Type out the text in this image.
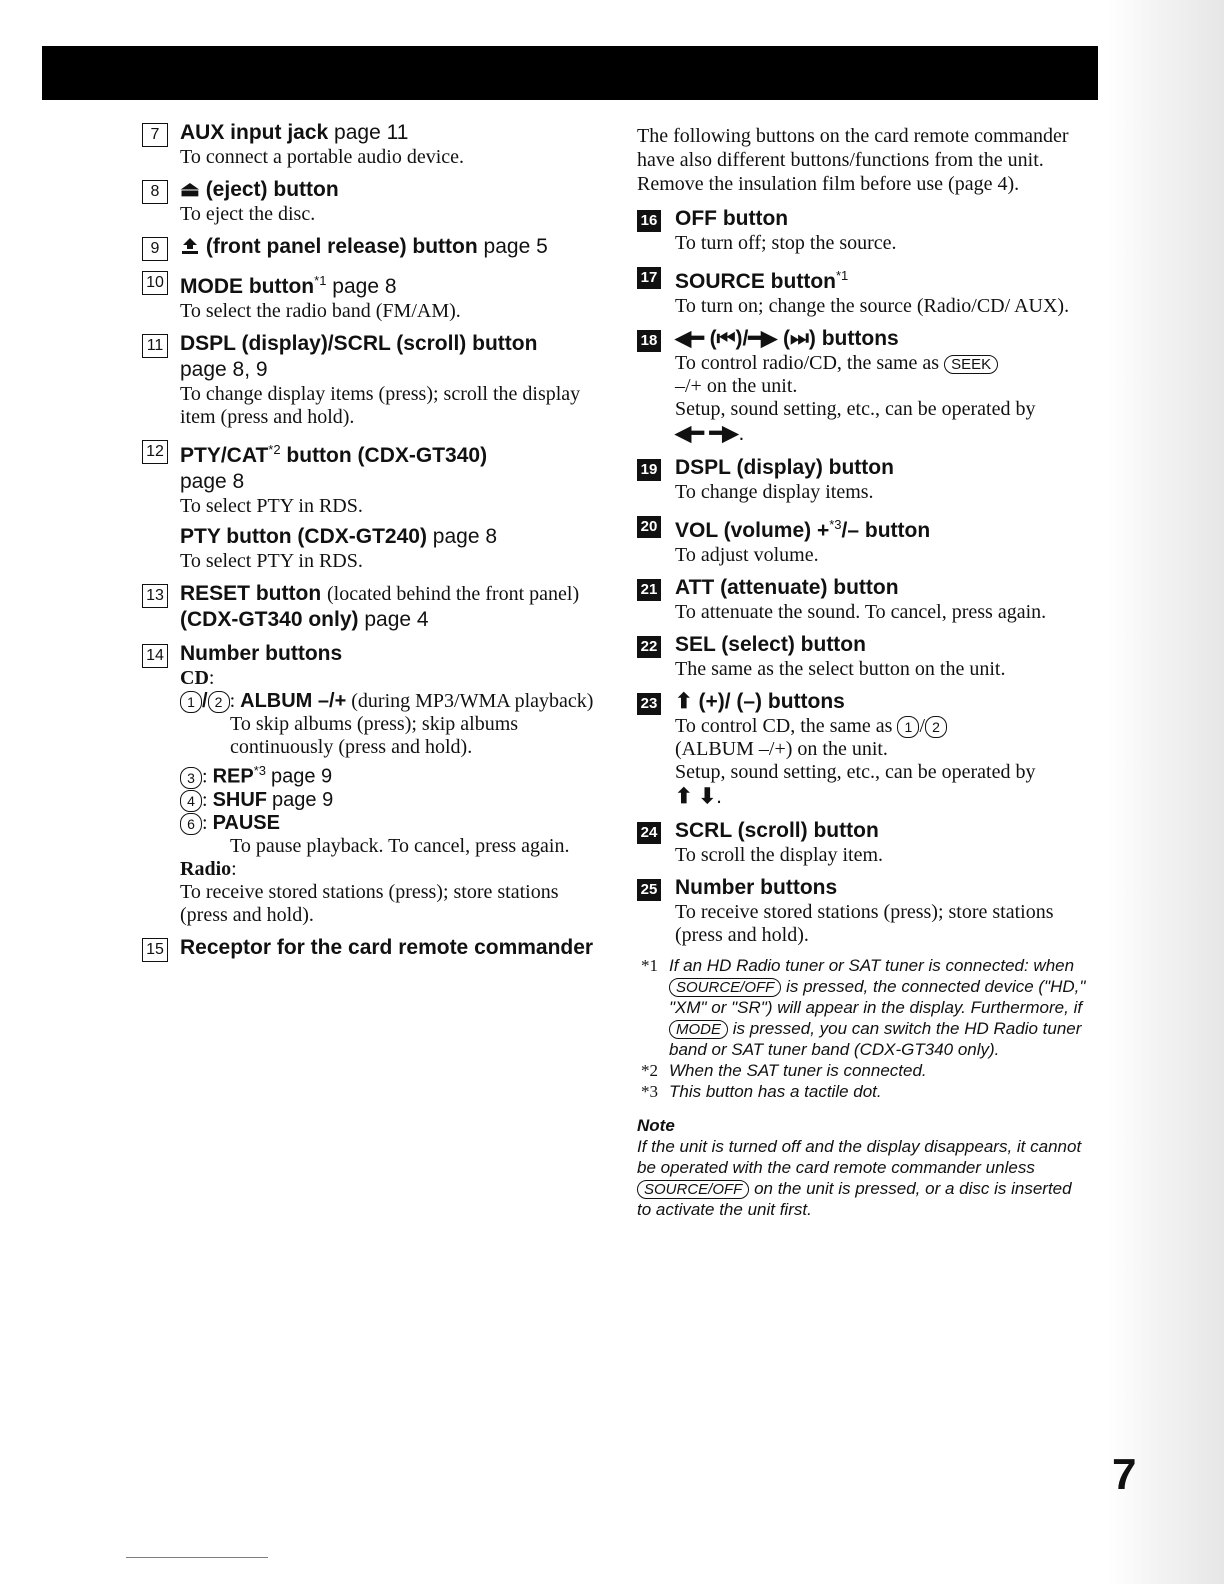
7 AUX input jack page 11
To connect a portable audio device.
8 ⏏ (eject) button
To eject the disc.
9	(front panel release) button page 5
10 MODE button$^{*1}$ page 8
To select the radio band (FM/AM).
11 DSPL (display)/SCRL (scroll) button
page 8, 9
To change display items (press); scroll the display item (press and hold).
12 PTY/CAT$^{*2}$ button (CDX-GT340)
page 8
To select PTY in RDS.
PTY button (CDX-GT240) page 8
To select PTY in RDS.
13 RESET button (located behind the front panel) (CDX-GT340 only) page 4
14 Number buttons
CD:
1 / 2 : ALBUM –/+ (during MP3/WMA playback)
To skip albums (press); skip albums continuously (press and hold).
3 : REP$^{*3}$ page 9
4 : SHUF page 9
6 : PAUSE
To pause playback. To cancel, press again.
Radio:
To receive stored stations (press); store stations (press and hold).
15 Receptor for the card remote commander
The following buttons on the card remote commander have also different buttons/functions from the unit. Remove the insulation film before use (page 4).
16 OFF button
To turn off; stop the source.
17 SOURCE button$^{*1}$
To turn on; change the source (Radio/CD/ AUX).
18 ◀━ (⏮)/━▶ (⏭) buttons
To control radio/CD, the same as SEEK
–/+ on the unit.
Setup, sound setting, etc., can be operated by
◀━ ━▶.
19 DSPL (display) button
To change display items.
20 VOL (volume) +$^{*3}$/– button
To adjust volume.
21 ATT (attenuate) button
To attenuate the sound. To cancel, press again.
22 SEL (select) button
The same as the select button on the unit.
23 ⬆ (+)/ (–) buttons
To control CD, the same as 1 / 2
(ALBUM –/+) on the unit.
Setup, sound setting, etc., can be operated by
⬆ ⬇.
24 SCRL (scroll) button
To scroll the display item.
25 Number buttons
To receive stored stations (press); store stations (press and hold).
*1 If an HD Radio tuner or SAT tuner is connected: when SOURCE/OFF is pressed, the connected device ("HD," "XM" or "SR") will appear in the display. Furthermore, if MODE is pressed, you can switch the HD Radio tuner band or SAT tuner band (CDX-GT340 only).
*2 When the SAT tuner is connected.
*3 This button has a tactile dot.
Note
If the unit is turned off and the display disappears, it cannot be operated with the card remote commander unless SOURCE/OFF on the unit is pressed, or a disc is inserted to activate the unit first.
7
